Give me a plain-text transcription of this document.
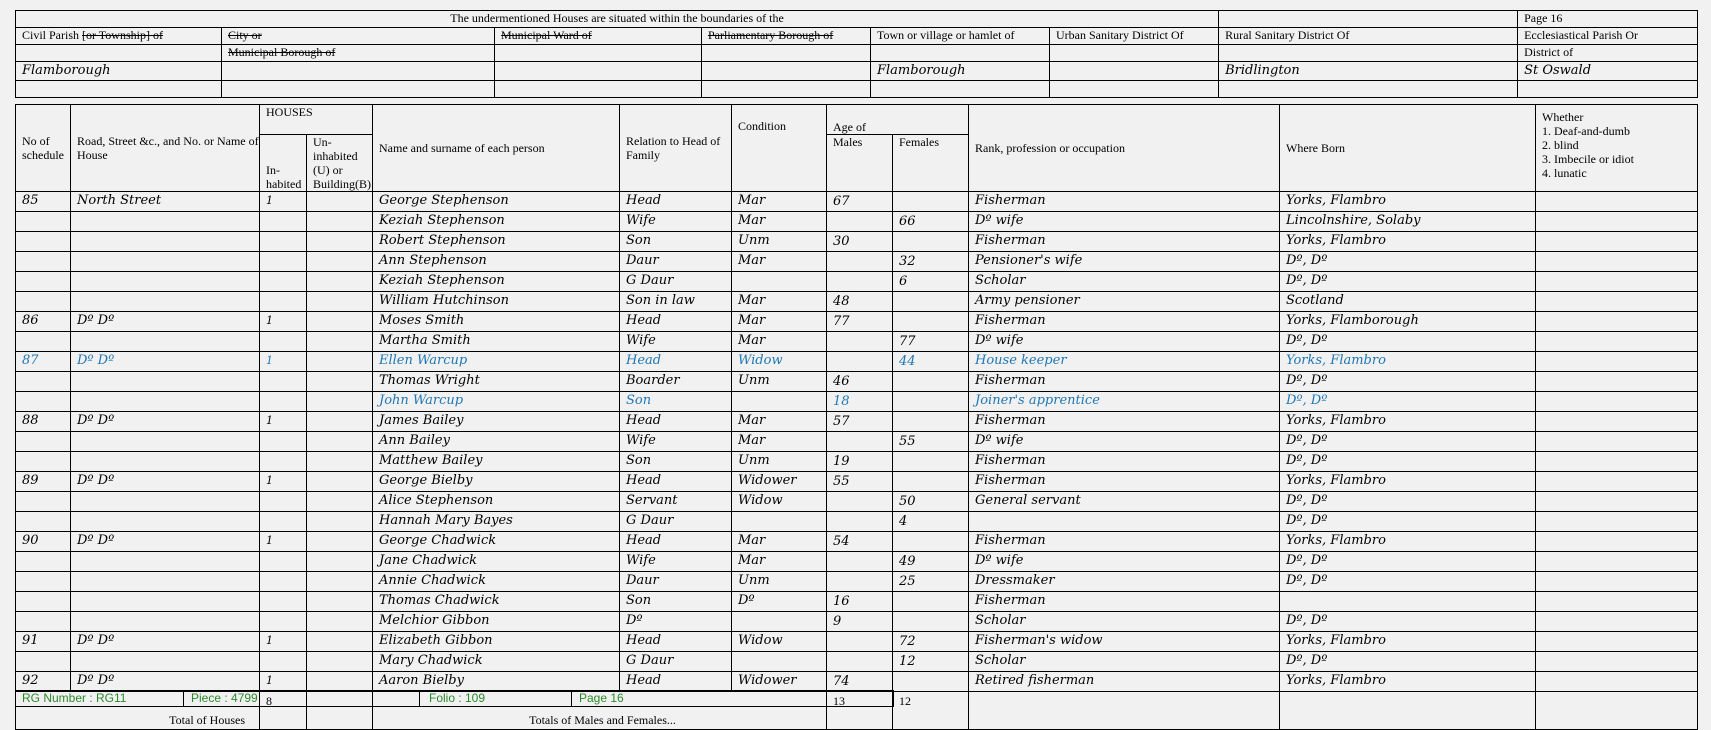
The undermentioned Houses are situated within the boundaries of the							Page 16
Civil Parish [or Township] of	City or	Municipal Ward of	Parliamentary Borough of	Town or village or hamlet of	Urban Sanitary District Of	Rural Sanitary District Of	Ecclesiastical Parish Or
	Municipal Borough of						District of
Flamborough				Flamborough		Bridlington	St Oswald

No of schedule	Road, Street &c., and No. or Name of House	HOUSES		Name and surname of each person	Relation to Head of Family	Condition	Age of		Rank, profession or occupation	Where Born	Whether
1. Deaf-and-dumb
2. blind
3. Imbecile or idiot
4. lunatic

		In-habited	Un-inhabited (U) or Building(B)				Males	Females			
85	North Street	1		George Stephenson	Head	Mar	67		Fisherman	Yorks, Flambro	
				Keziah Stephenson	Wife	Mar		66	Dº wife	Lincolnshire, Solaby	
				Robert Stephenson	Son	Unm	30		Fisherman	Yorks, Flambro	
				Ann Stephenson	Daur	Mar		32	Pensioner's wife	Dº, Dº	
				Keziah Stephenson	G Daur			6	Scholar	Dº, Dº	
				William Hutchinson	Son in law	Mar	48		Army pensioner	Scotland	
86	Dº Dº	1		Moses Smith	Head	Mar	77		Fisherman	Yorks, Flamborough	
				Martha Smith	Wife	Mar		77	Dº wife	Dº, Dº	
87	Dº Dº	1		Ellen Warcup	Head	Widow		44	House keeper	Yorks, Flambro	
				Thomas Wright	Boarder	Unm	46		Fisherman	Dº, Dº	
				John Warcup	Son		18		Joiner's apprentice	Dº, Dº	
88	Dº Dº	1		James Bailey	Head	Mar	57		Fisherman	Yorks, Flambro	
				Ann Bailey	Wife	Mar		55	Dº wife	Dº, Dº	
				Matthew Bailey	Son	Unm	19		Fisherman	Dº, Dº	
89	Dº Dº	1		George Bielby	Head	Widower	55		Fisherman	Yorks, Flambro	
				Alice Stephenson	Servant	Widow		50	General servant	Dº, Dº	
				Hannah Mary Bayes	G Daur			4		Dº, Dº	
90	Dº Dº	1		George Chadwick	Head	Mar	54		Fisherman	Yorks, Flambro	
				Jane Chadwick	Wife	Mar		49	Dº wife	Dº, Dº	
				Annie Chadwick	Daur	Unm		25	Dressmaker	Dº, Dº	
				Thomas Chadwick	Son	Dº	16		Fisherman		
				Melchior Gibbon	Dº		9		Scholar	Dº, Dº	
91	Dº Dº	1		Elizabeth Gibbon	Head	Widow		72	Fisherman's widow	Yorks, Flambro	
				Mary Chadwick	G Daur			12	Scholar	Dº, Dº	
92	Dº Dº	1		Aaron Bielby	Head	Widower	74		Retired fisherman	Yorks, Flambro	
Total of Houses		8		Totals of Males and Females...			13	12			
RG Number : RG11	Piece : 4799	Folio : 109	Page 16
